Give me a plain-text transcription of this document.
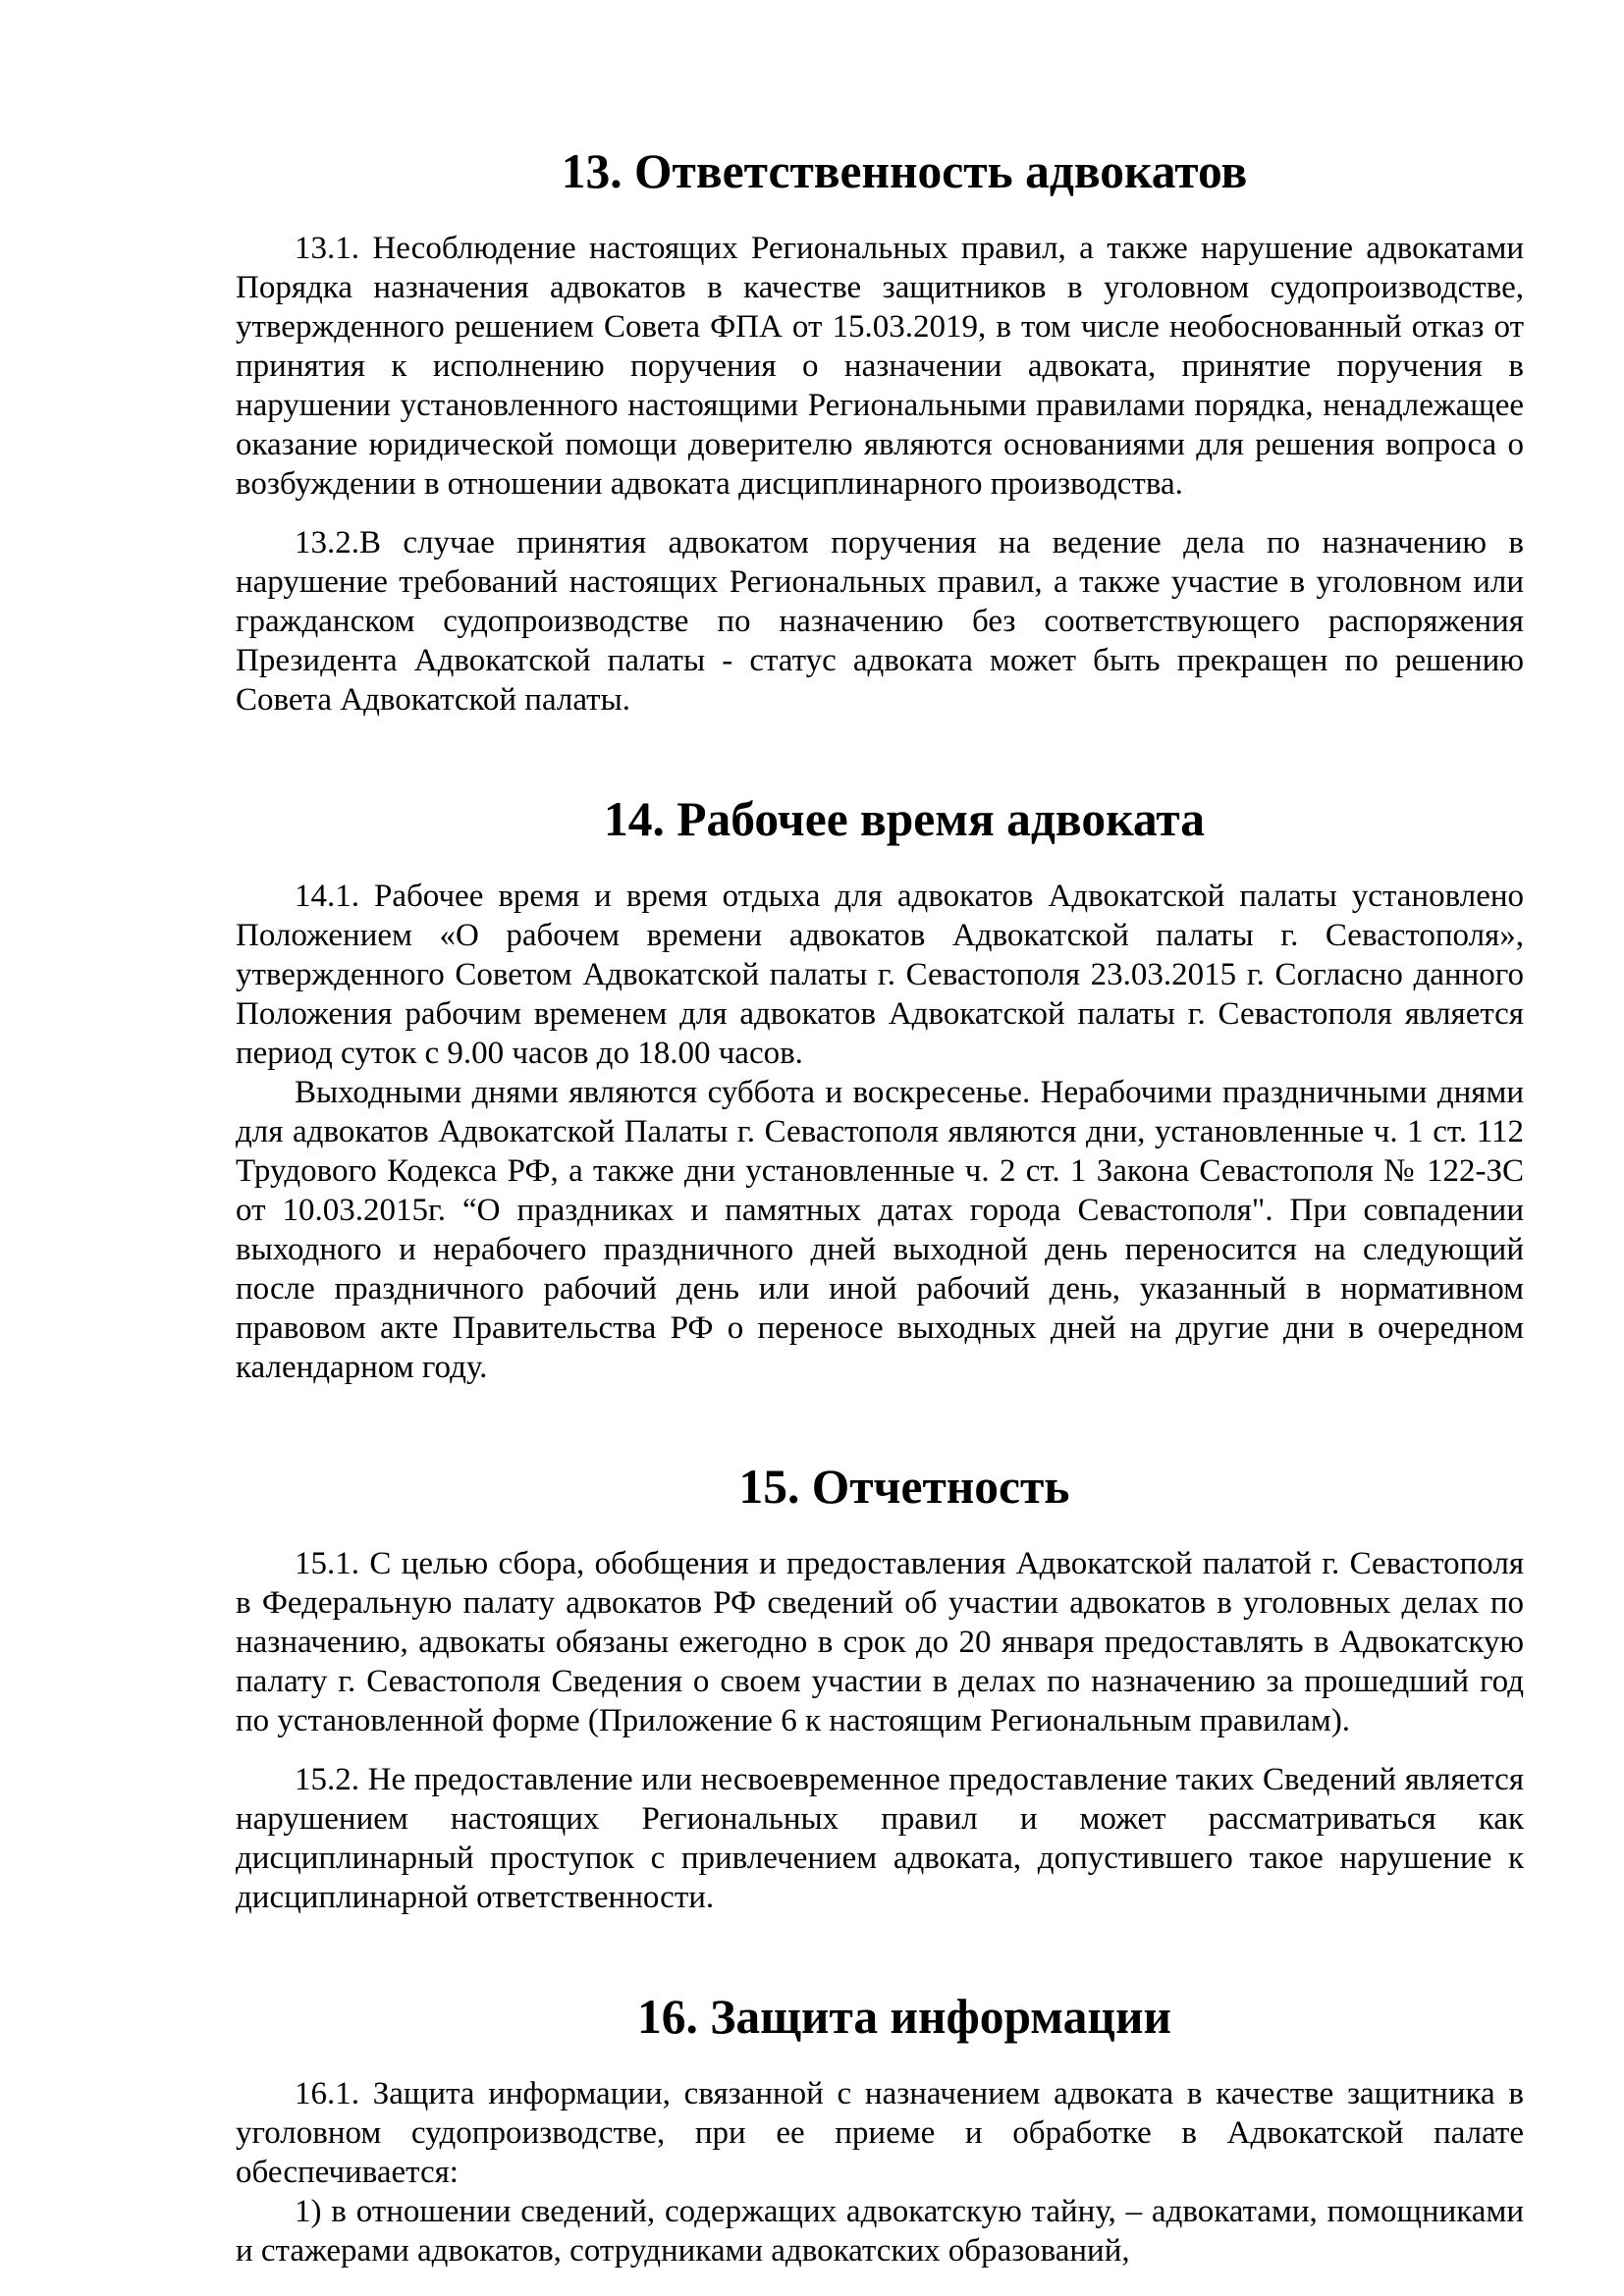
13. Ответственность адвокатов

13.1. Несоблюдение настоящих Региональных правил, а также нарушение адвокатами Порядка назначения адвокатов в качестве защитников в уголовном судопроизводстве, утвержденного решением Совета ФПА от 15.03.2019, в том числе необоснованный отказ от принятия к исполнению поручения о назначении адвоката, принятие поручения в нарушении установленного настоящими Региональными правилами порядка, ненадлежащее оказание юридической помощи доверителю являются основаниями для решения вопроса о возбуждении в отношении адвоката дисциплинарного производства.

13.2.В случае принятия адвокатом поручения на ведение дела по назначению в нарушение требований настоящих Региональных правил, а также участие в уголовном или гражданском судопроизводстве по назначению без соответствующего распоряжения Президента Адвокатской палаты - статус адвоката может быть прекращен по решению Совета Адвокатской палаты.

14. Рабочее время адвоката

14.1. Рабочее время и время отдыха для адвокатов Адвокатской палаты установлено Положением «О рабочем времени адвокатов Адвокатской палаты г. Севастополя», утвержденного Советом Адвокатской палаты г. Севастополя 23.03.2015 г. Согласно данного Положения рабочим временем для адвокатов Адвокатской палаты г. Севастополя является период суток с 9.00 часов до 18.00 часов.

Выходными днями являются суббота и воскресенье. Нерабочими праздничными днями для адвокатов Адвокатской Палаты г. Севастополя являются дни, установленные ч. 1 ст. 112 Трудового Кодекса РФ, а также дни установленные ч. 2 ст. 1 Закона Севастополя № 122-ЗС от 10.03.2015г. “О праздниках и памятных датах города Севастополя". При совпадении выходного и нерабочего праздничного дней выходной день переносится на следующий после праздничного рабочий день или иной рабочий день, указанный в нормативном правовом акте Правительства РФ о переносе выходных дней на другие дни в очередном календарном году.

15. Отчетность

15.1. С целью сбора, обобщения и предоставления Адвокатской палатой г. Севастополя в Федеральную палату адвокатов РФ сведений об участии адвокатов в уголовных делах по назначению, адвокаты обязаны ежегодно в срок до 20 января предоставлять в Адвокатскую палату г. Севастополя Сведения о своем участии в делах по назначению за прошедший год по установленной форме (Приложение 6 к настоящим Региональным правилам).

15.2. Не предоставление или несвоевременное предоставление таких Сведений является нарушением настоящих Региональных правил и может рассматриваться как дисциплинарный проступок с привлечением адвоката, допустившего такое нарушение к дисциплинарной ответственности.

16. Защита информации

16.1. Защита информации, связанной с назначением адвоката в качестве защитника в уголовном судопроизводстве, при ее приеме и обработке в Адвокатской палате обеспечивается:

1) в отношении сведений, содержащих адвокатскую тайну, – адвокатами, помощниками и стажерами адвокатов, сотрудниками адвокатских образований,
